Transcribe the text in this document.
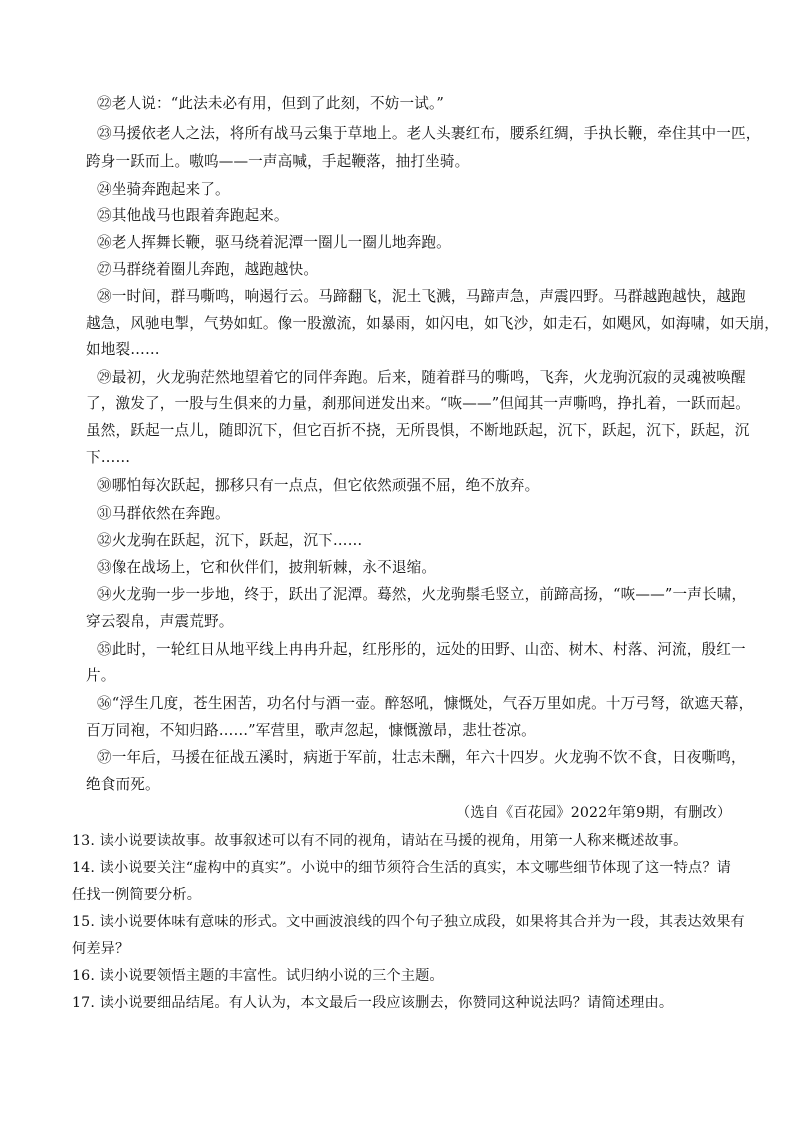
㉒老人说：“此法未必有用，但到了此刻，不妨一试。”
㉓马援依老人之法，将所有战马云集于草地上。老人头裹红布，腰系红绸，手执长鞭，牵住其中一匹，
跨身一跃而上。嗷呜——一声高喊，手起鞭落，抽打坐骑。
㉔坐骑奔跑起来了。
㉕其他战马也跟着奔跑起来。
㉖老人挥舞长鞭，驱马绕着泥潭一圈儿一圈儿地奔跑。
㉗马群绕着圈儿奔跑，越跑越快。
㉘一时间，群马嘶鸣，响遏行云。马蹄翻飞，泥土飞溅，马蹄声急，声震四野。马群越跑越快，越跑
越急，风驰电掣，气势如虹。像一股激流，如暴雨，如闪电，如飞沙，如走石，如飓风，如海啸，如天崩，
如地裂……
㉙最初，火龙驹茫然地望着它的同伴奔跑。后来，随着群马的嘶鸣，飞奔，火龙驹沉寂的灵魂被唤醒
了，激发了，一股与生俱来的力量，刹那间迸发出来。“咴——”但闻其一声嘶鸣，挣扎着，一跃而起。
虽然，跃起一点儿，随即沉下，但它百折不挠，无所畏惧，不断地跃起，沉下，跃起，沉下，跃起，沉
下……
㉚哪怕每次跃起，挪移只有一点点，但它依然顽强不屈，绝不放弃。
㉛马群依然在奔跑。
㉜火龙驹在跃起，沉下，跃起，沉下……
㉝像在战场上，它和伙伴们，披荆斩棘，永不退缩。
㉞火龙驹一步一步地，终于，跃出了泥潭。蓦然，火龙驹鬃毛竖立，前蹄高扬，“咴——”一声长啸，
穿云裂帛，声震荒野。
㉟此时，一轮红日从地平线上冉冉升起，红彤彤的，远处的田野、山峦、树木、村落、河流，殷红一
片。
㊱“浮生几度，苍生困苦，功名付与酒一壶。醉怒吼，慷慨处，气吞万里如虎。十万弓弩，欲遮天幕，
百万同袍，不知归路……”军营里，歌声忽起，慷慨激昂，悲壮苍凉。
㊲一年后，马援在征战五溪时，病逝于军前，壮志未酬，年六十四岁。火龙驹不饮不食，日夜嘶鸣，
绝食而死。
（选自《百花园》2022年第9期，有删改）
13. 读小说要读故事。故事叙述可以有不同的视角，请站在马援的视角，用第一人称来概述故事。
14. 读小说要关注“虚构中的真实”。小说中的细节须符合生活的真实，本文哪些细节体现了这一特点？请
任找一例简要分析。
15. 读小说要体味有意味的形式。文中画波浪线的四个句子独立成段，如果将其合并为一段，其表达效果有
何差异？
16. 读小说要领悟主题的丰富性。试归纳小说的三个主题。
17. 读小说要细品结尾。有人认为，本文最后一段应该删去，你赞同这种说法吗？请简述理由。
